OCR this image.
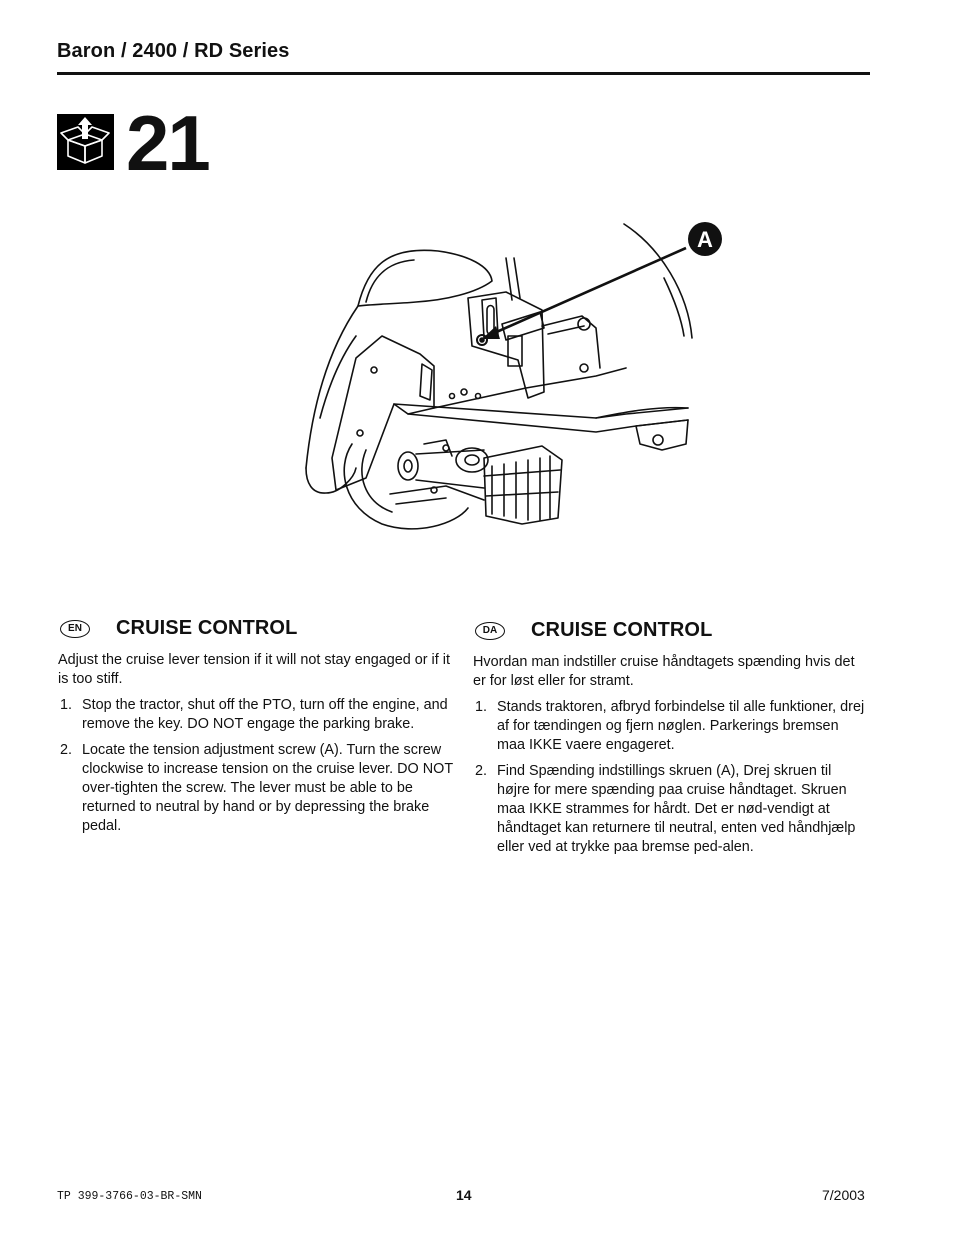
Baron / 2400 / RD Series
21
A
EN	CRUISE CONTROL

Adjust the cruise lever tension if it will not stay engaged or if it is too stiff.

1. Stop the tractor, shut off the PTO, turn off the engine, and remove the key. DO NOT engage the parking brake.
2. Locate the tension adjustment screw (A). Turn the screw clockwise to increase tension on the cruise lever. DO NOT over-tighten the screw. The lever must be able to be returned to neutral by hand or by depressing the brake pedal.
DA	CRUISE CONTROL

Hvordan man indstiller cruise håndtagets spænding hvis det er for løst eller for stramt.

1. Stands traktoren, afbryd forbindelse til alle funktioner, drej af for tændingen og fjern nøglen. Parkerings bremsen maa IKKE vaere engageret.
2. Find Spænding indstillings skruen (A), Drej skruen til højre for mere spænding paa cruise håndtaget. Skruen maa IKKE strammes for hårdt. Det er nød-vendigt at håndtaget kan returnere til neutral, enten ved håndhjælp eller ved at trykke paa bremse ped-alen.
TP 399-3766-03-BR-SMN	14	7/2003
